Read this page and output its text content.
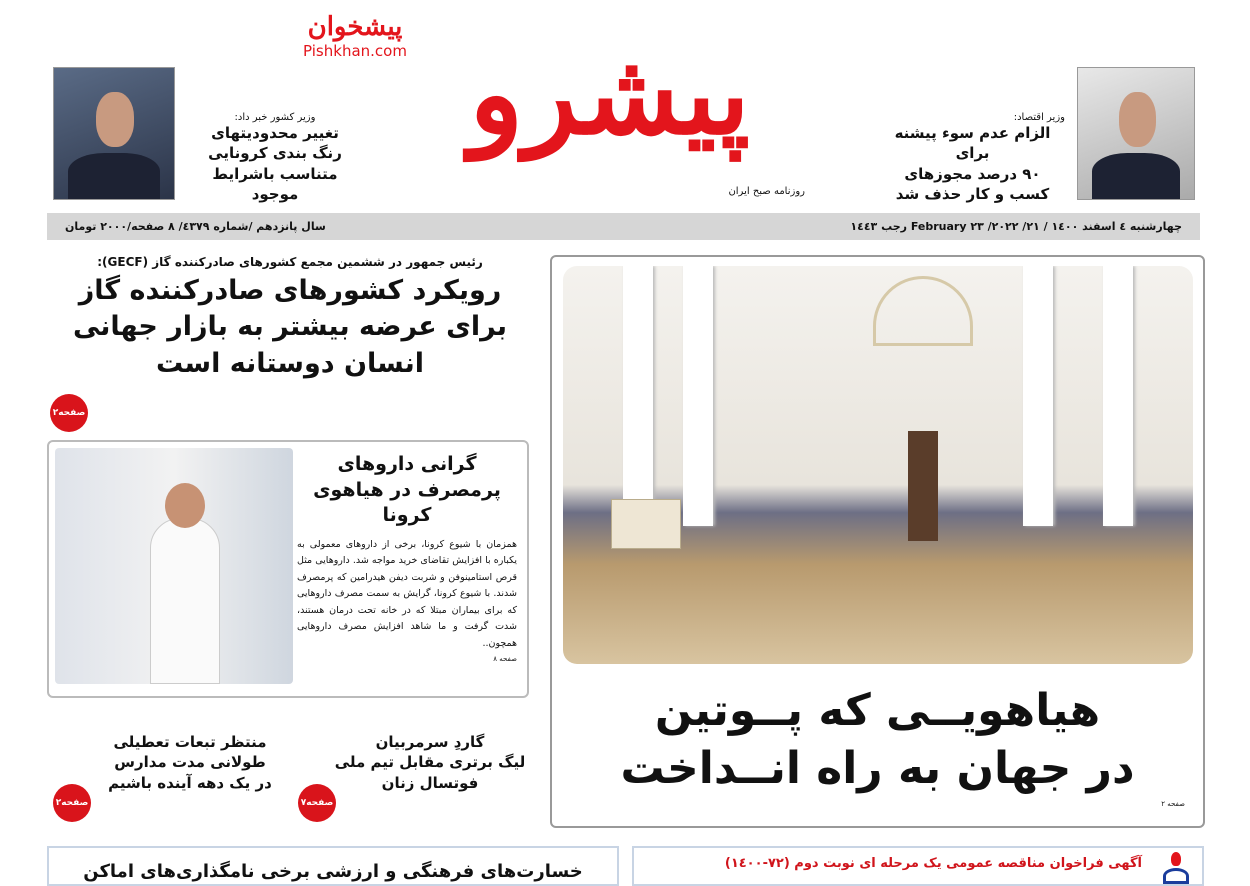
وزیر کشور خبر داد:
تغییر محدودیتهای
رنگ بندی کرونایی
متناسب باشرایط موجود
پیشخوان
Pishkhan.com پیشرو
روزنامه صبح ایران
وزیر اقتصاد:
الزام عدم سوء پیشنه برای
۹۰ درصد مجوزهای
کسب و کار حذف شد
چهارشنبه ٤ اسفند ۱٤۰۰ / February ۲۳ /۲۰۲۲ /۲۱ رجب ۱٤٤۳
سال پانزدهم /شماره ٤۳۷۹/ ۸ صفحه/۲۰۰۰ تومان
رئیس جمهور در ششمین مجمع کشورهای صادرکننده گاز (GECF):
رویکرد کشورهای صادرکننده گاز
برای عرضه بیشتر به بازار جهانی
انسان دوستانه است
صفحه۲
گرانی داروهای
پرمصرف در هیاهوی
کرونا
همزمان با شیوع کرونا، برخی از داروهای معمولی به یکباره با افزایش تقاضای خرید مواجه شد. داروهایی مثل قرص استامینوفن و شربت دیفن هیدرامین که پرمصرف شدند. با شیوع کرونا، گرایش به سمت مصرف داروهایی که برای بیماران مبتلا که در خانه تحت درمان هستند، شدت گرفت و ما شاهد افزایش مصرف داروهایی همچون..
صفحه ۸
گاردِ سرمربیان
لیگ برتری مقابل تیم ملی
فوتسال زنان
صفحه۷
منتظر تبعات تعطیلی
طولانی مدت مدارس
در یک دهه آینده باشیم
صفحه۲
هیاهویــی که پــوتین
در جهان به راه انــداخت
صفحه ۲
خسارت‌های فرهنگی و ارزشی برخی نامگذاری‌های اماکن	آگهی فراخوان مناقصه عمومی یک مرحله ای نوبت دوم (۷۲-۱٤۰۰)
